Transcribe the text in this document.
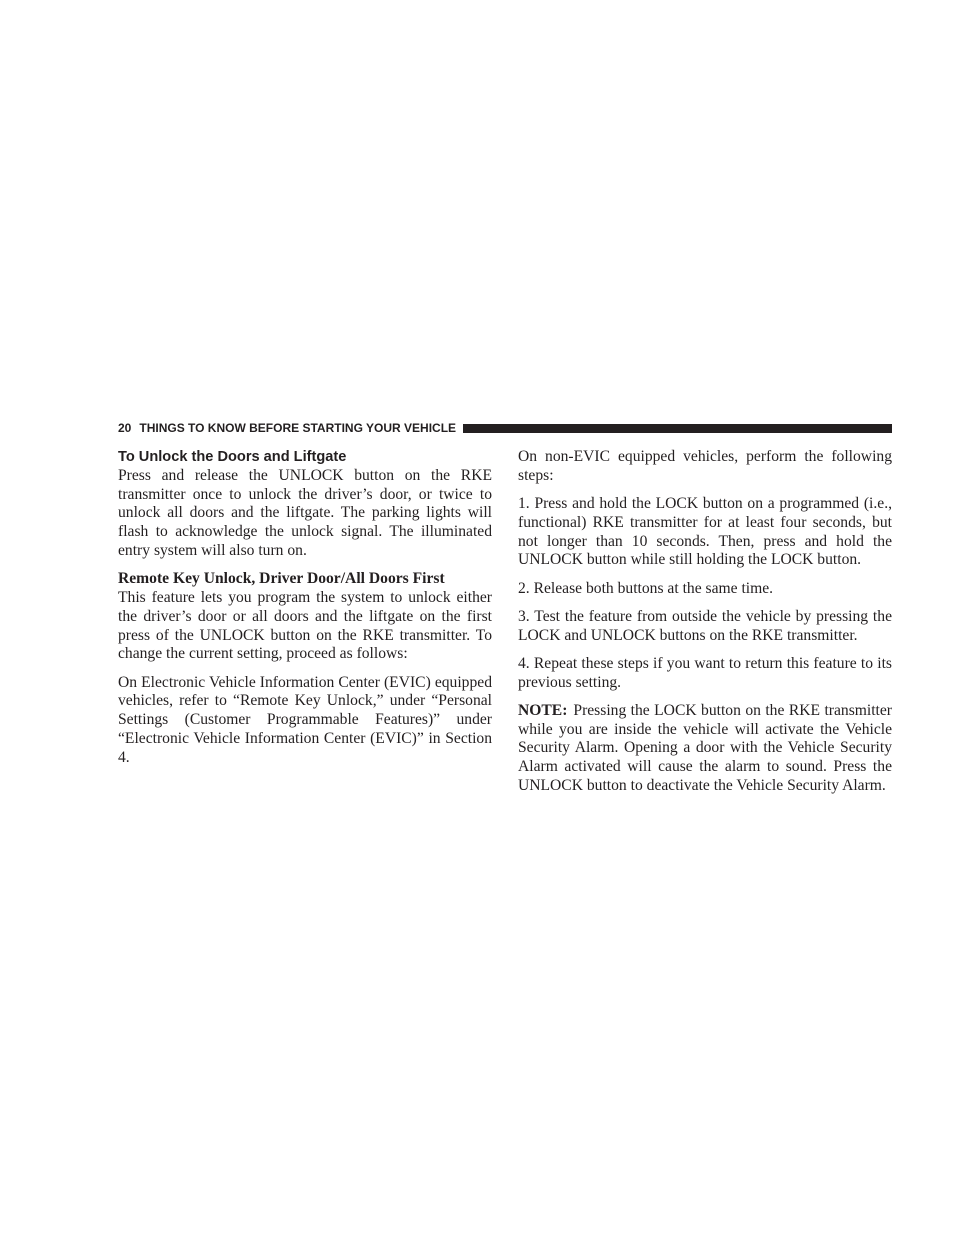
20 THINGS TO KNOW BEFORE STARTING YOUR VEHICLE
To Unlock the Doors and Liftgate

Press and release the UNLOCK button on the RKE transmitter once to unlock the driver’s door, or twice to unlock all doors and the liftgate. The parking lights will flash to acknowledge the unlock signal. The illuminated entry system will also turn on.

Remote Key Unlock, Driver Door/All Doors First

This feature lets you program the system to unlock either the driver’s door or all doors and the liftgate on the first press of the UNLOCK button on the RKE transmitter. To change the current setting, proceed as follows:

On Electronic Vehicle Information Center (EVIC) equipped vehicles, refer to “Remote Key Unlock,” under “Personal Settings (Customer Programmable Features)” under “Electronic Vehicle Information Center (EVIC)” in Section 4.

On non-EVIC equipped vehicles, perform the following steps:

1. Press and hold the LOCK button on a programmed (i.e., functional) RKE transmitter for at least four seconds, but not longer than 10 seconds. Then, press and hold the UNLOCK button while still holding the LOCK button.

2. Release both buttons at the same time.

3. Test the feature from outside the vehicle by pressing the LOCK and UNLOCK buttons on the RKE transmitter.

4. Repeat these steps if you want to return this feature to its previous setting.

NOTE: Pressing the LOCK button on the RKE transmitter while you are inside the vehicle will activate the Vehicle Security Alarm. Opening a door with the Vehicle Security Alarm activated will cause the alarm to sound. Press the UNLOCK button to deactivate the Vehicle Security Alarm.
